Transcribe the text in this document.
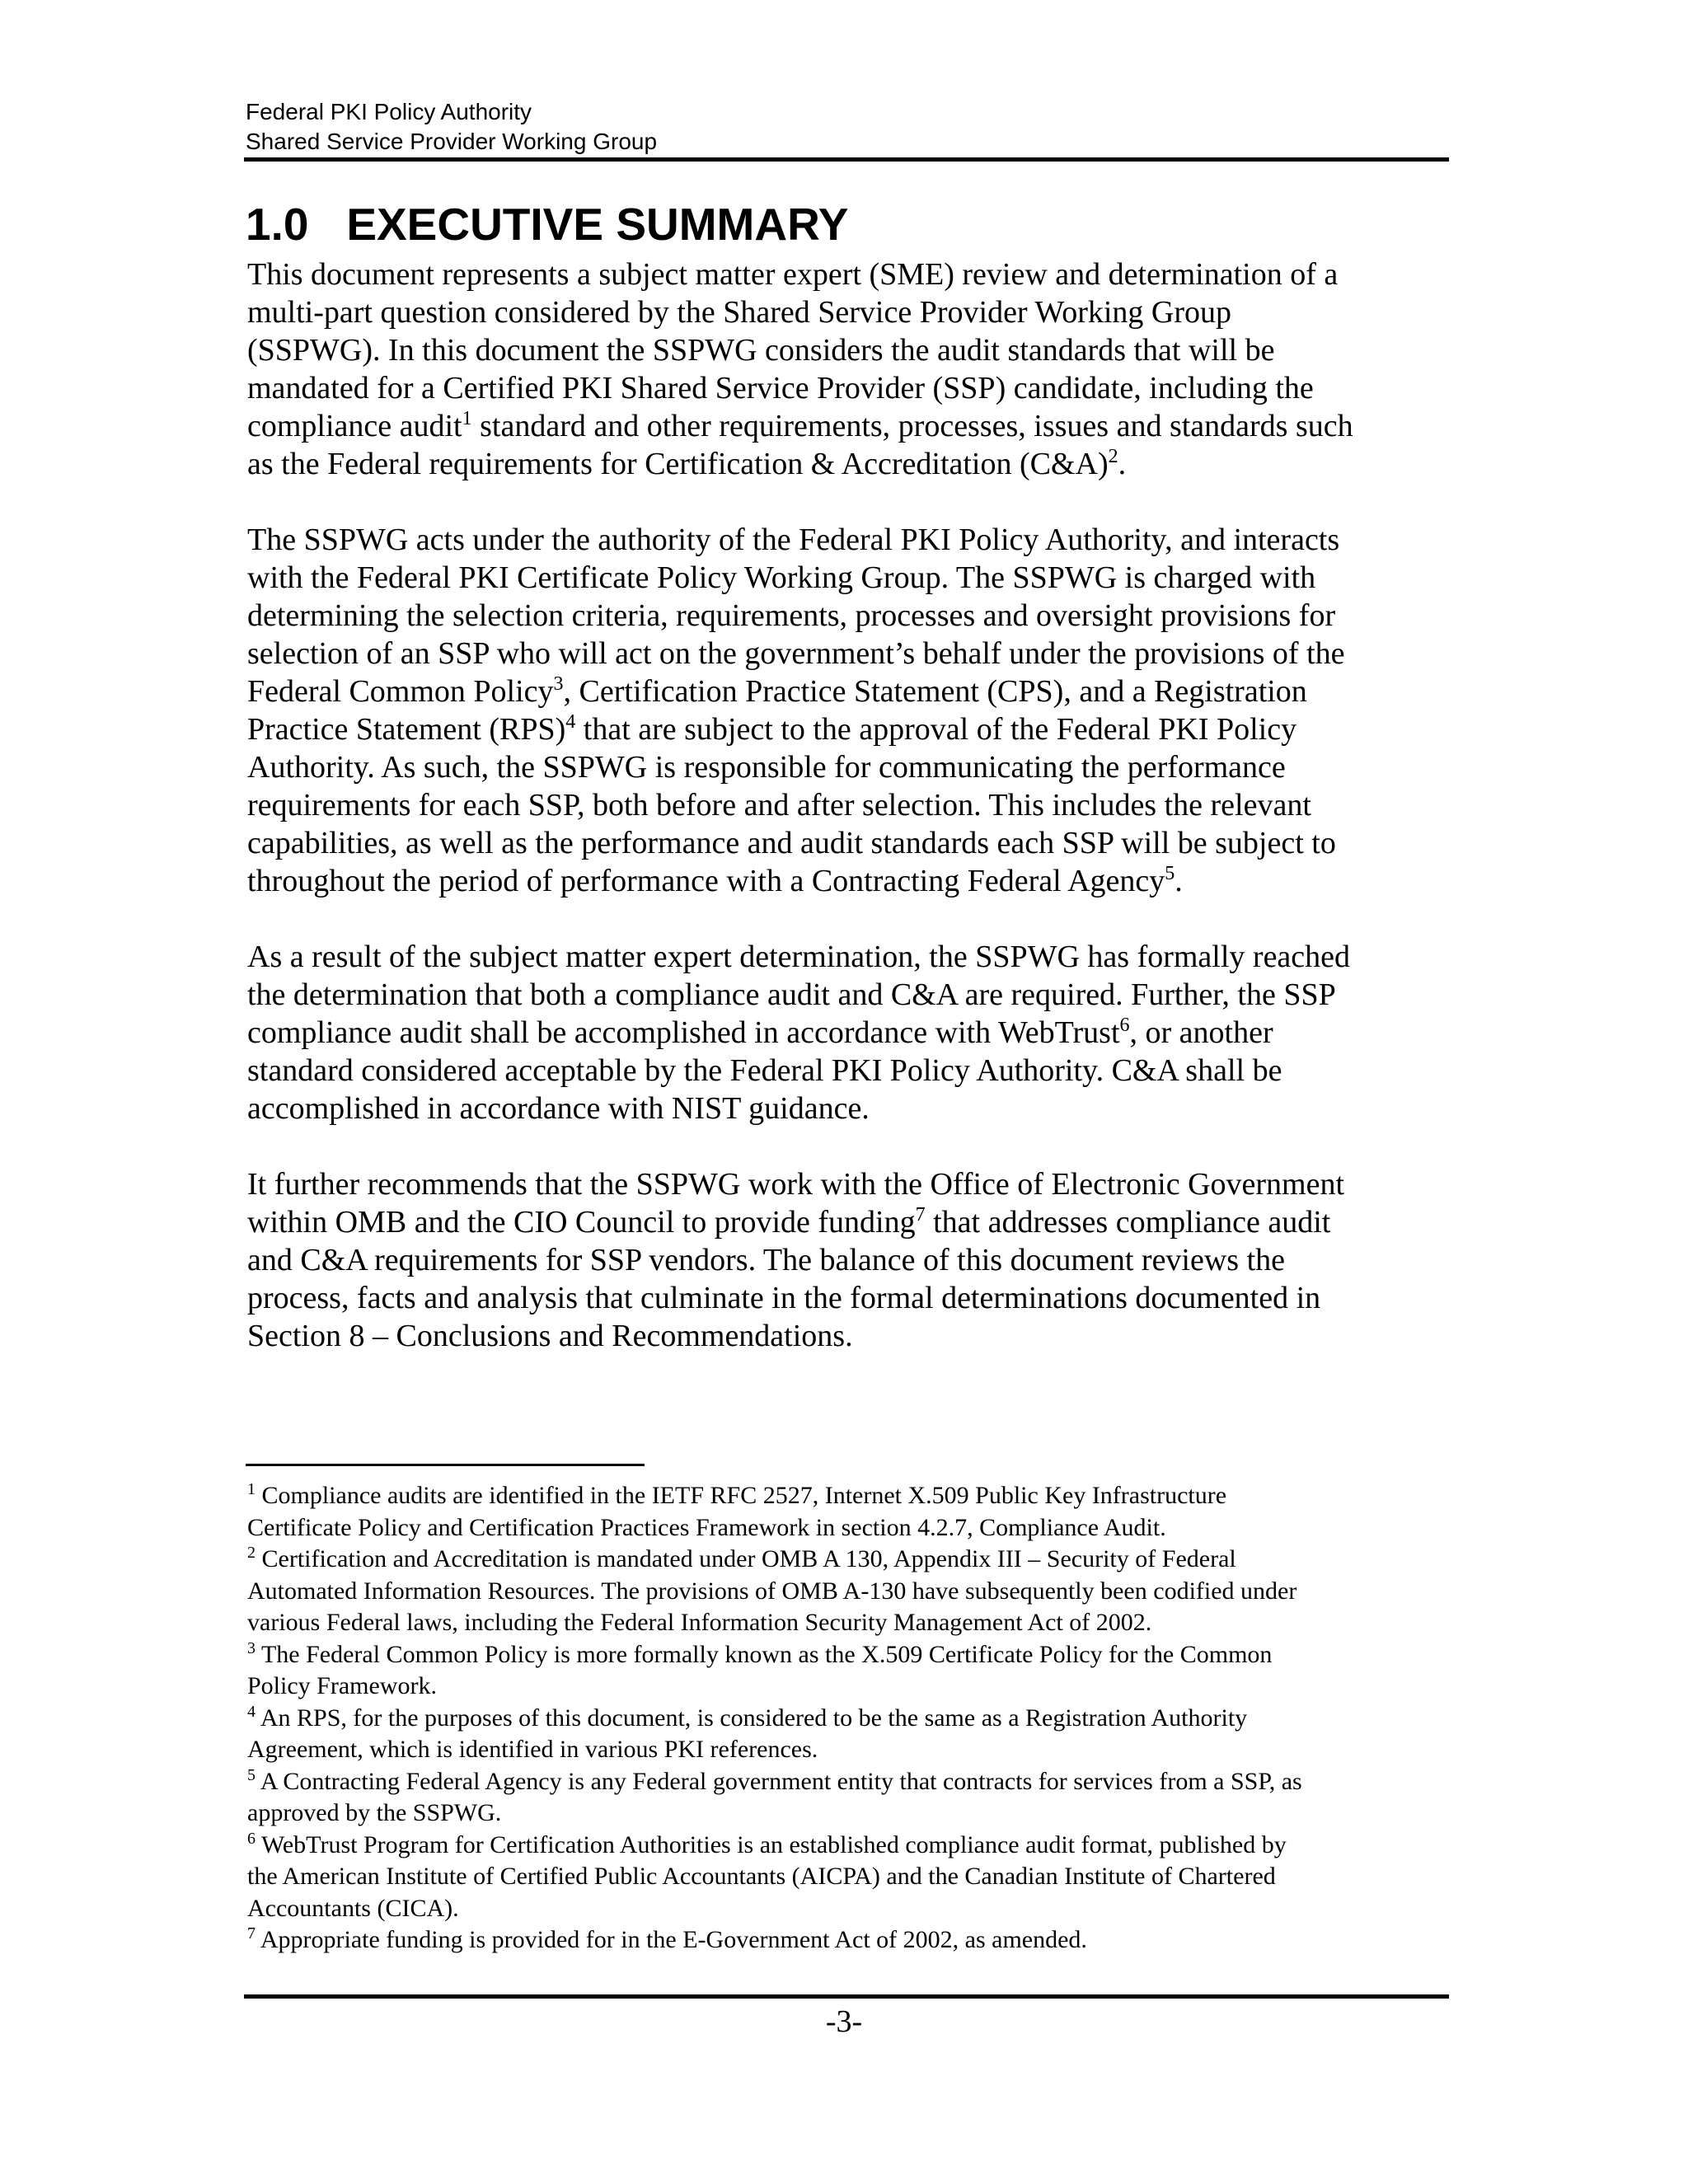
Federal PKI Policy Authority
Shared Service Provider Working Group
1.0 EXECUTIVE SUMMARY
This document represents a subject matter expert (SME) review and determination of a
multi-part question considered by the Shared Service Provider Working Group
(SSPWG). In this document the SSPWG considers the audit standards that will be
mandated for a Certified PKI Shared Service Provider (SSP) candidate, including the
compliance audit$^1$ standard and other requirements, processes, issues and standards such
as the Federal requirements for Certification & Accreditation (C&A)$^2$.
The SSPWG acts under the authority of the Federal PKI Policy Authority, and interacts
with the Federal PKI Certificate Policy Working Group. The SSPWG is charged with
determining the selection criteria, requirements, processes and oversight provisions for
selection of an SSP who will act on the government’s behalf under the provisions of the
Federal Common Policy$^3$, Certification Practice Statement (CPS), and a Registration
Practice Statement (RPS)$^4$ that are subject to the approval of the Federal PKI Policy
Authority. As such, the SSPWG is responsible for communicating the performance
requirements for each SSP, both before and after selection. This includes the relevant
capabilities, as well as the performance and audit standards each SSP will be subject to
throughout the period of performance with a Contracting Federal Agency$^5$.
As a result of the subject matter expert determination, the SSPWG has formally reached
the determination that both a compliance audit and C&A are required. Further, the SSP
compliance audit shall be accomplished in accordance with WebTrust$^6$, or another
standard considered acceptable by the Federal PKI Policy Authority. C&A shall be
accomplished in accordance with NIST guidance.
It further recommends that the SSPWG work with the Office of Electronic Government
within OMB and the CIO Council to provide funding$^7$ that addresses compliance audit
and C&A requirements for SSP vendors. The balance of this document reviews the
process, facts and analysis that culminate in the formal determinations documented in
Section 8 – Conclusions and Recommendations.
$^1$ Compliance audits are identified in the IETF RFC 2527, Internet X.509 Public Key Infrastructure
Certificate Policy and Certification Practices Framework in section 4.2.7, Compliance Audit.
$^2$ Certification and Accreditation is mandated under OMB A 130, Appendix III – Security of Federal
Automated Information Resources. The provisions of OMB A-130 have subsequently been codified under
various Federal laws, including the Federal Information Security Management Act of 2002.
$^3$ The Federal Common Policy is more formally known as the X.509 Certificate Policy for the Common
Policy Framework.
$^4$ An RPS, for the purposes of this document, is considered to be the same as a Registration Authority
Agreement, which is identified in various PKI references.
$^5$ A Contracting Federal Agency is any Federal government entity that contracts for services from a SSP, as
approved by the SSPWG.
$^6$ WebTrust Program for Certification Authorities is an established compliance audit format, published by
the American Institute of Certified Public Accountants (AICPA) and the Canadian Institute of Chartered
Accountants (CICA).
$^7$ Appropriate funding is provided for in the E-Government Act of 2002, as amended.
-3-
